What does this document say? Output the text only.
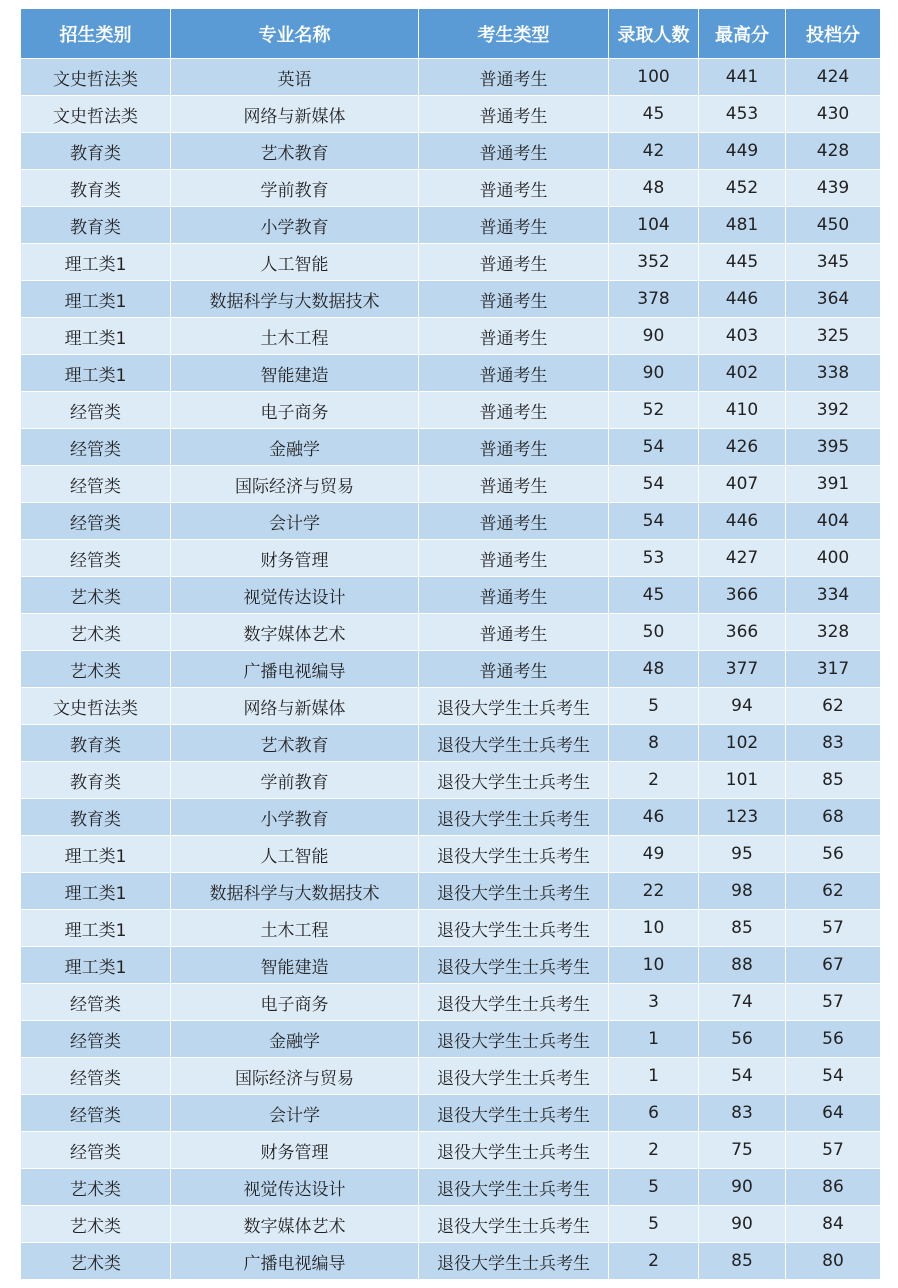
招生类别	专业名称	考生类型	录取人数	最高分	投档分
文史哲法类	英语	普通考生	100	441	424
文史哲法类	网络与新媒体	普通考生	45	453	430
教育类	艺术教育	普通考生	42	449	428
教育类	学前教育	普通考生	48	452	439
教育类	小学教育	普通考生	104	481	450
理工类1	人工智能	普通考生	352	445	345
理工类1	数据科学与大数据技术	普通考生	378	446	364
理工类1	土木工程	普通考生	90	403	325
理工类1	智能建造	普通考生	90	402	338
经管类	电子商务	普通考生	52	410	392
经管类	金融学	普通考生	54	426	395
经管类	国际经济与贸易	普通考生	54	407	391
经管类	会计学	普通考生	54	446	404
经管类	财务管理	普通考生	53	427	400
艺术类	视觉传达设计	普通考生	45	366	334
艺术类	数字媒体艺术	普通考生	50	366	328
艺术类	广播电视编导	普通考生	48	377	317
文史哲法类	网络与新媒体	退役大学生士兵考生	5	94	62
教育类	艺术教育	退役大学生士兵考生	8	102	83
教育类	学前教育	退役大学生士兵考生	2	101	85
教育类	小学教育	退役大学生士兵考生	46	123	68
理工类1	人工智能	退役大学生士兵考生	49	95	56
理工类1	数据科学与大数据技术	退役大学生士兵考生	22	98	62
理工类1	土木工程	退役大学生士兵考生	10	85	57
理工类1	智能建造	退役大学生士兵考生	10	88	67
经管类	电子商务	退役大学生士兵考生	3	74	57
经管类	金融学	退役大学生士兵考生	1	56	56
经管类	国际经济与贸易	退役大学生士兵考生	1	54	54
经管类	会计学	退役大学生士兵考生	6	83	64
经管类	财务管理	退役大学生士兵考生	2	75	57
艺术类	视觉传达设计	退役大学生士兵考生	5	90	86
艺术类	数字媒体艺术	退役大学生士兵考生	5	90	84
艺术类	广播电视编导	退役大学生士兵考生	2	85	80
